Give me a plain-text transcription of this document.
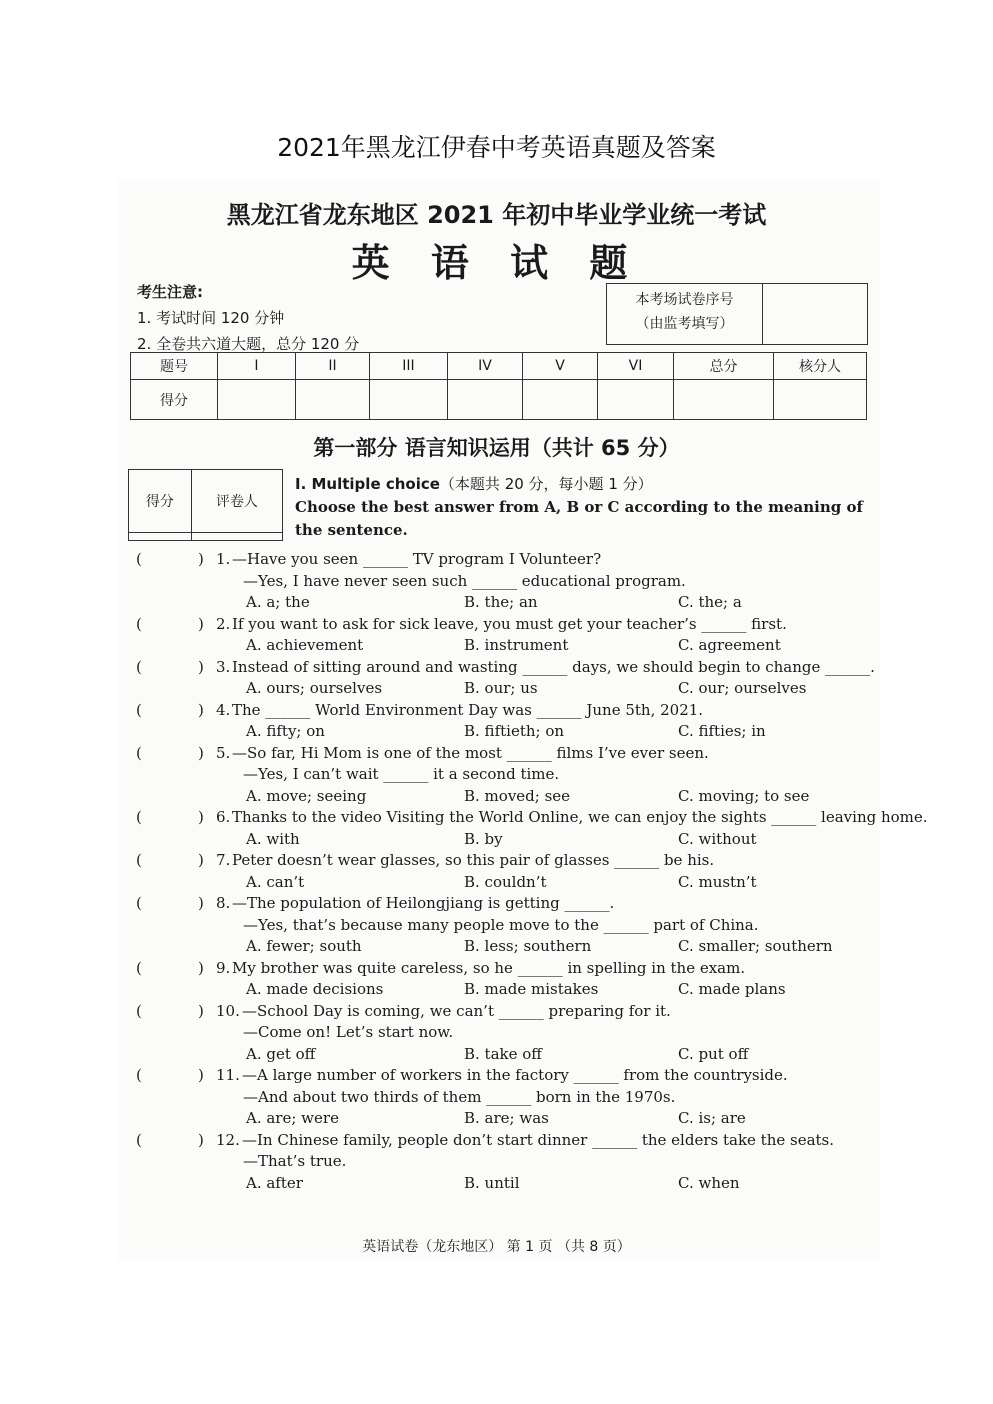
2021年黑龙江伊春中考英语真题及答案
黑龙江省龙东地区 2021 年初中毕业学业统一考试
英 语 试 题
考生注意:
1. 考试时间 120 分钟
2. 全卷共六道大题，总分 120 分
本考场试卷序号
（由监考填写）
题号	I	II	III	IV	V	VI	总分	核分人
得分								
第一部分 语言知识运用（共计 65 分）
得分	评卷人

I. Multiple choice（本题共 20 分，每小题 1 分）
Choose the best answer from A, B or C according to the meaning of the sentence.
(	) 1. —Have you seen ______ TV program I Volunteer?
—Yes, I have never seen such ______ educational program.
A. a; the	B. the; an	C. the; a
(	) 2. If you want to ask for sick leave, you must get your teacher’s ______ first.
A. achievement	B. instrument	C. agreement
(	) 3. Instead of sitting around and wasting ______ days, we should begin to change ______.
A. ours; ourselves	B. our; us	C. our; ourselves
(	) 4. The ______ World Environment Day was ______ June 5th, 2021.
A. fifty; on	B. fiftieth; on	C. fifties; in
(	) 5. —So far, Hi Mom is one of the most ______ films I’ve ever seen.
—Yes, I can’t wait ______ it a second time.
A. move; seeing	B. moved; see	C. moving; to see
(	) 6. Thanks to the video Visiting the World Online, we can enjoy the sights ______ leaving home.
A. with	B. by	C. without
(	) 7. Peter doesn’t wear glasses, so this pair of glasses ______ be his.
A. can’t	B. couldn’t	C. mustn’t
(	) 8. —The population of Heilongjiang is getting ______.
—Yes, that’s because many people move to the ______ part of China.
A. fewer; south	B. less; southern	C. smaller; southern
(	) 9. My brother was quite careless, so he ______ in spelling in the exam.
A. made decisions	B. made mistakes	C. made plans
(	) 10. —School Day is coming, we can’t ______ preparing for it.
—Come on! Let’s start now.
A. get off	B. take off	C. put off
(	) 11. —A large number of workers in the factory ______ from the countryside.
—And about two thirds of them ______ born in the 1970s.
A. are; were	B. are; was	C. is; are
(	) 12. —In Chinese family, people don’t start dinner ______ the elders take the seats.
—That’s true.
A. after	B. until	C. when
英语试卷（龙东地区） 第 1 页 （共 8 页）
